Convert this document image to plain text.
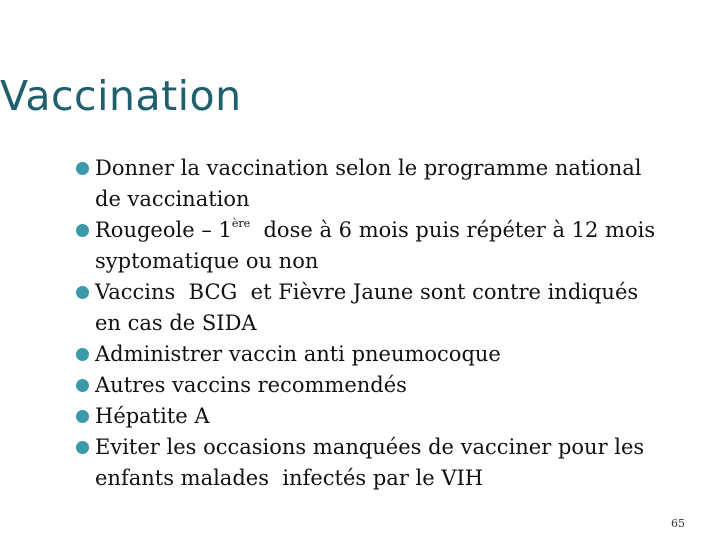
Vaccination
Donner la vaccination selon le programme national
de vaccination
Rougeole – 1ère  dose à 6 mois puis répéter à 12 mois
syptomatique ou non
Vaccins  BCG  et Fièvre Jaune sont contre indiqués
en cas de SIDA
Administrer vaccin anti pneumocoque
Autres vaccins recommendés
Hépatite A
Eviter les occasions manquées de vacciner pour les
enfants malades  infectés par le VIH
65
